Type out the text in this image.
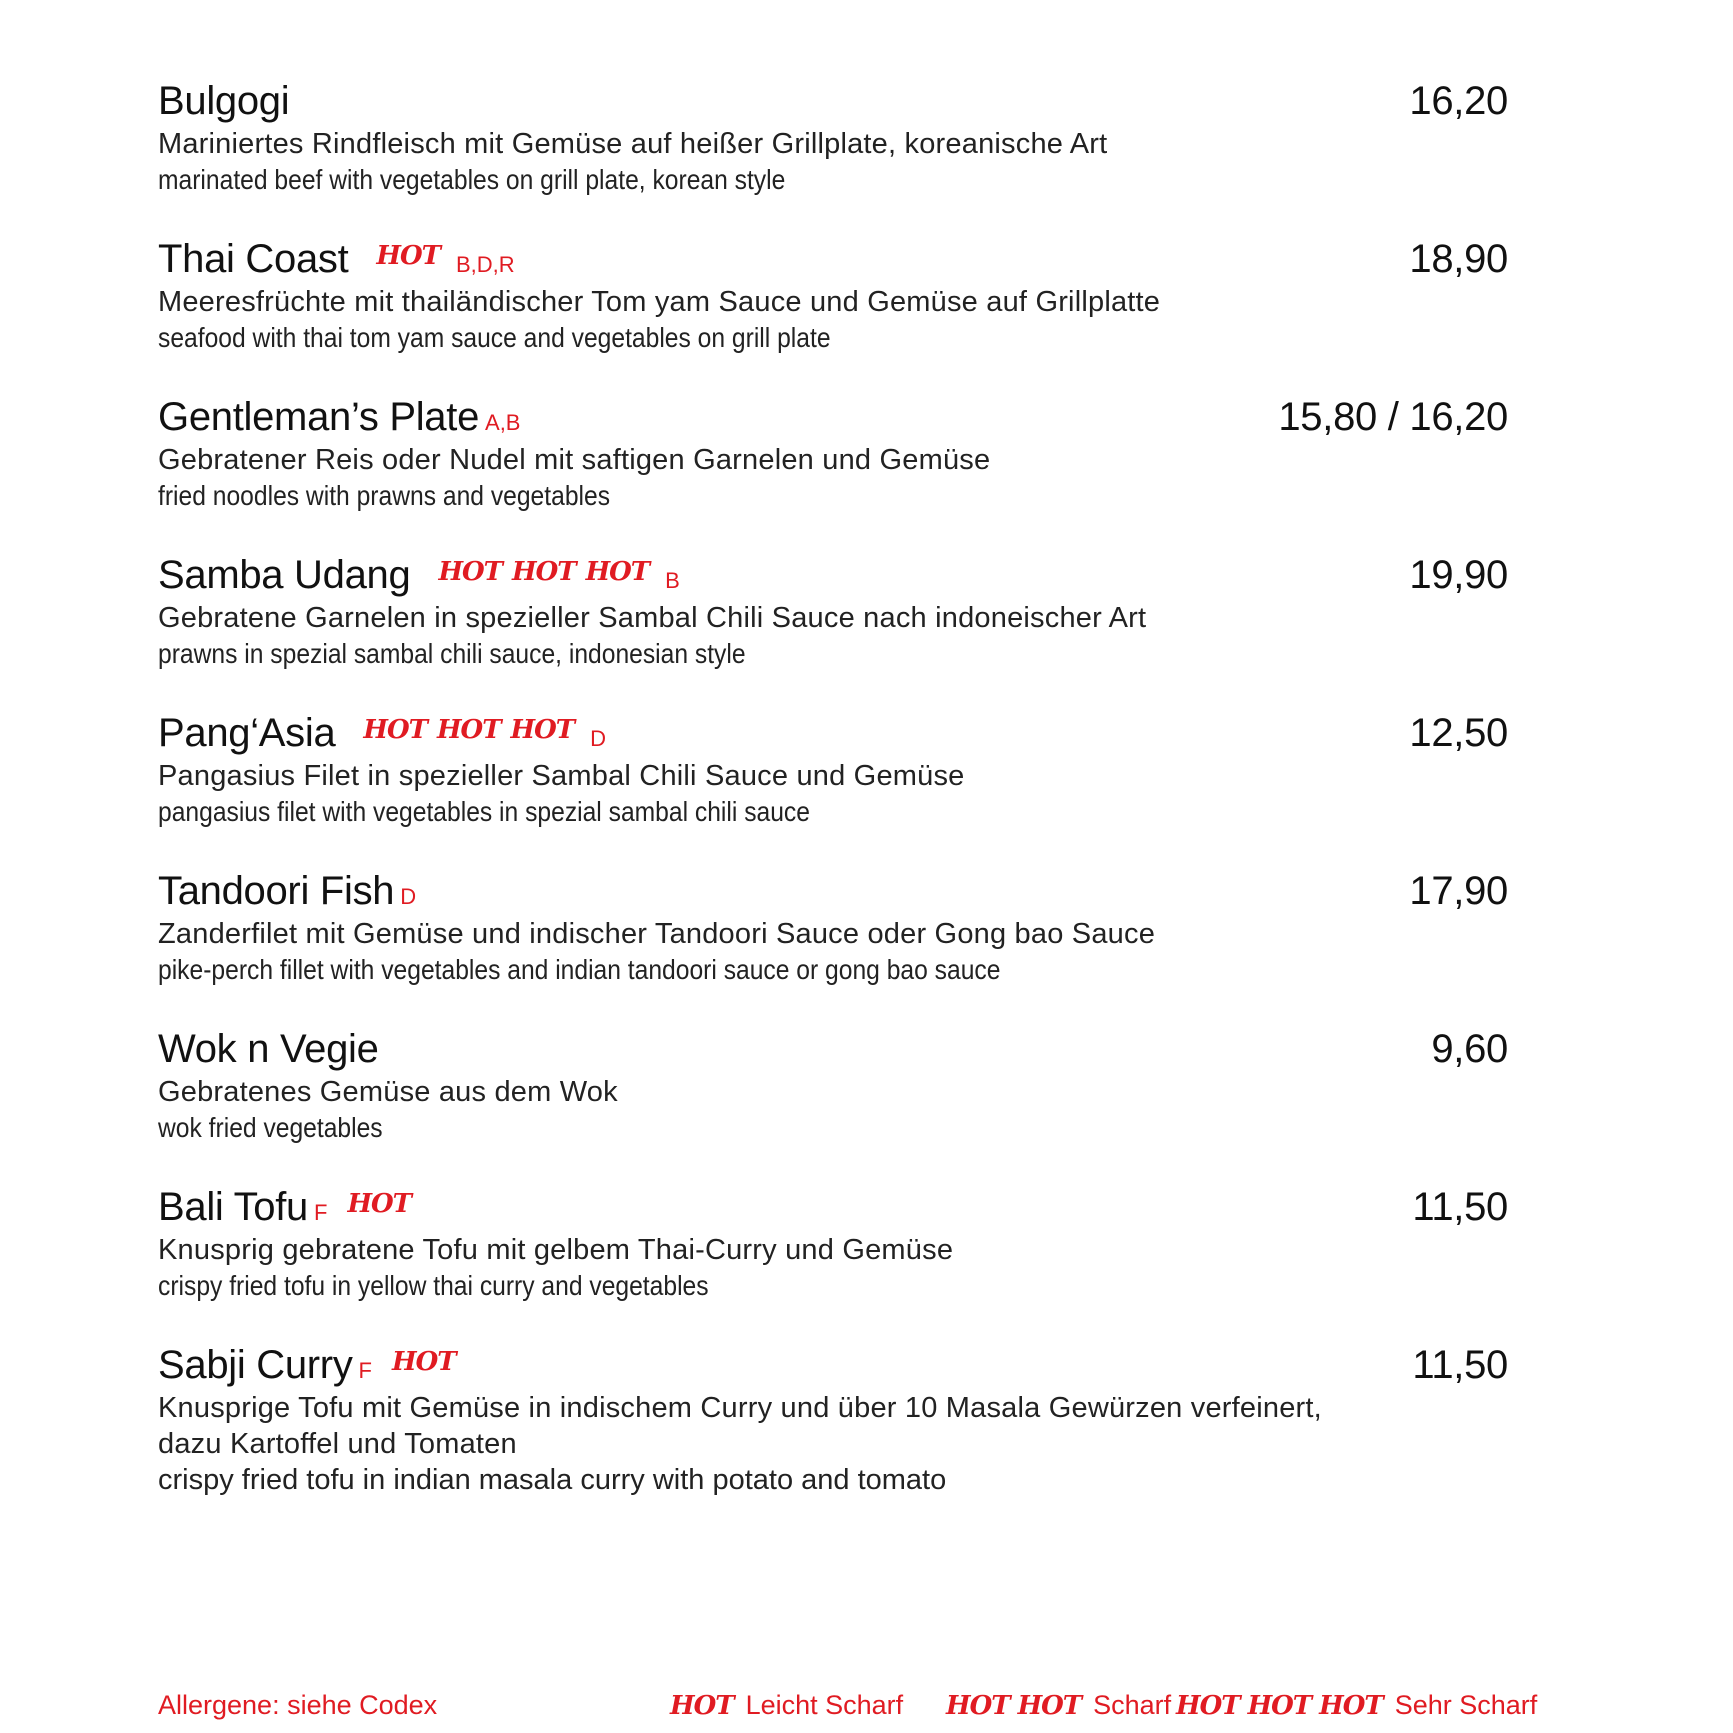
Bulgogi	16,20
Mariniertes Rindfleisch mit Gemüse auf heißer Grillplate, koreanische Art
marinated beef with vegetables on grill plate, korean style
Thai Coast HOT B,D,R	18,90
Meeresfrüchte mit thailändischer Tom yam Sauce und Gemüse auf Grillplatte
seafood with thai tom yam sauce and vegetables on grill plate
Gentleman’s Plate A,B	15,80 / 16,20
Gebratener Reis oder Nudel mit saftigen Garnelen und Gemüse
fried noodles with prawns and vegetables
Samba Udang HOT HOT HOT B	19,90
Gebratene Garnelen in spezieller Sambal Chili Sauce nach indoneischer Art
prawns in spezial sambal chili sauce, indonesian style
Pang‘Asia HOT HOT HOT D	12,50
Pangasius Filet in spezieller Sambal Chili Sauce und Gemüse
pangasius filet with vegetables in spezial sambal chili sauce
Tandoori Fish D	17,90
Zanderfilet mit Gemüse und indischer Tandoori Sauce oder Gong bao Sauce
pike-perch fillet with vegetables and indian tandoori sauce or gong bao sauce
Wok n Vegie	9,60
Gebratenes Gemüse aus dem Wok
wok fried vegetables
Bali Tofu F HOT	11,50
Knusprig gebratene Tofu mit gelbem Thai-Curry und Gemüse
crispy fried tofu in yellow thai curry and vegetables
Sabji Curry F HOT	11,50
Knusprige Tofu mit Gemüse in indischem Curry und über 10 Masala Gewürzen verfeinert,
dazu Kartoffel und Tomaten
crispy fried tofu in indian masala curry with potato and tomato
Allergene: siehe Codex	HOT Leicht Scharf HOT HOT Scharf HOT HOT HOT Sehr Scharf
